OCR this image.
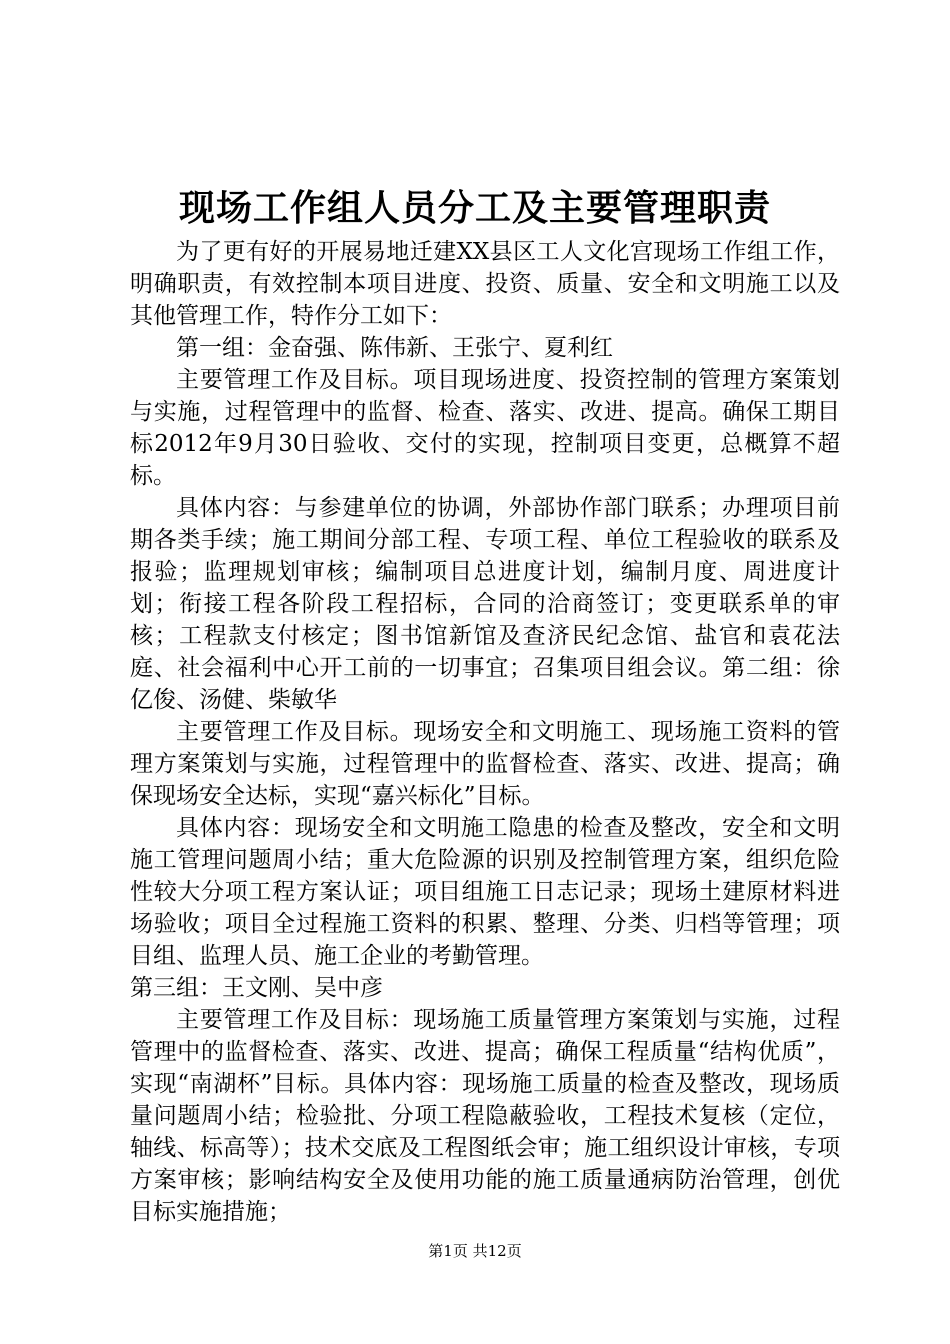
现场工作组人员分工及主要管理职责

为了更有好的开展易地迁建XX县区工人文化宫现场工作组工作，明确职责，有效控制本项目进度、投资、质量、安全和文明施工以及其他管理工作，特作分工如下：

第一组：金奋强、陈伟新、王张宁、夏利红

主要管理工作及目标。项目现场进度、投资控制的管理方案策划与实施，过程管理中的监督、检查、落实、改进、提高。确保工期目标2012年9月30日验收、交付的实现，控制项目变更，总概算不超标。

具体内容：与参建单位的协调，外部协作部门联系；办理项目前期各类手续；施工期间分部工程、专项工程、单位工程验收的联系及报验；监理规划审核；编制项目总进度计划，编制月度、周进度计划；衔接工程各阶段工程招标，合同的洽商签订；变更联系单的审核；工程款支付核定；图书馆新馆及查济民纪念馆、盐官和袁花法庭、社会福利中心开工前的一切事宜；召集项目组会议。第二组：徐亿俊、汤健、柴敏华

主要管理工作及目标。现场安全和文明施工、现场施工资料的管理方案策划与实施，过程管理中的监督检查、落实、改进、提高；确保现场安全达标，实现“嘉兴标化”目标。

具体内容：现场安全和文明施工隐患的检查及整改，安全和文明施工管理问题周小结；重大危险源的识别及控制管理方案，组织危险性较大分项工程方案认证；项目组施工日志记录；现场土建原材料进场验收；项目全过程施工资料的积累、整理、分类、归档等管理；项目组、监理人员、施工企业的考勤管理。

第三组：王文刚、吴中彦

主要管理工作及目标：现场施工质量管理方案策划与实施，过程管理中的监督检查、落实、改进、提高；确保工程质量“结构优质”，实现“南湖杯”目标。具体内容：现场施工质量的检查及整改，现场质量问题周小结；检验批、分项工程隐蔽验收，工程技术复核（定位，轴线、标高等）；技术交底及工程图纸会审；施工组织设计审核，专项方案审核；影响结构安全及使用功能的施工质量通病防治管理，创优目标实施措施；

第1页 共12页
